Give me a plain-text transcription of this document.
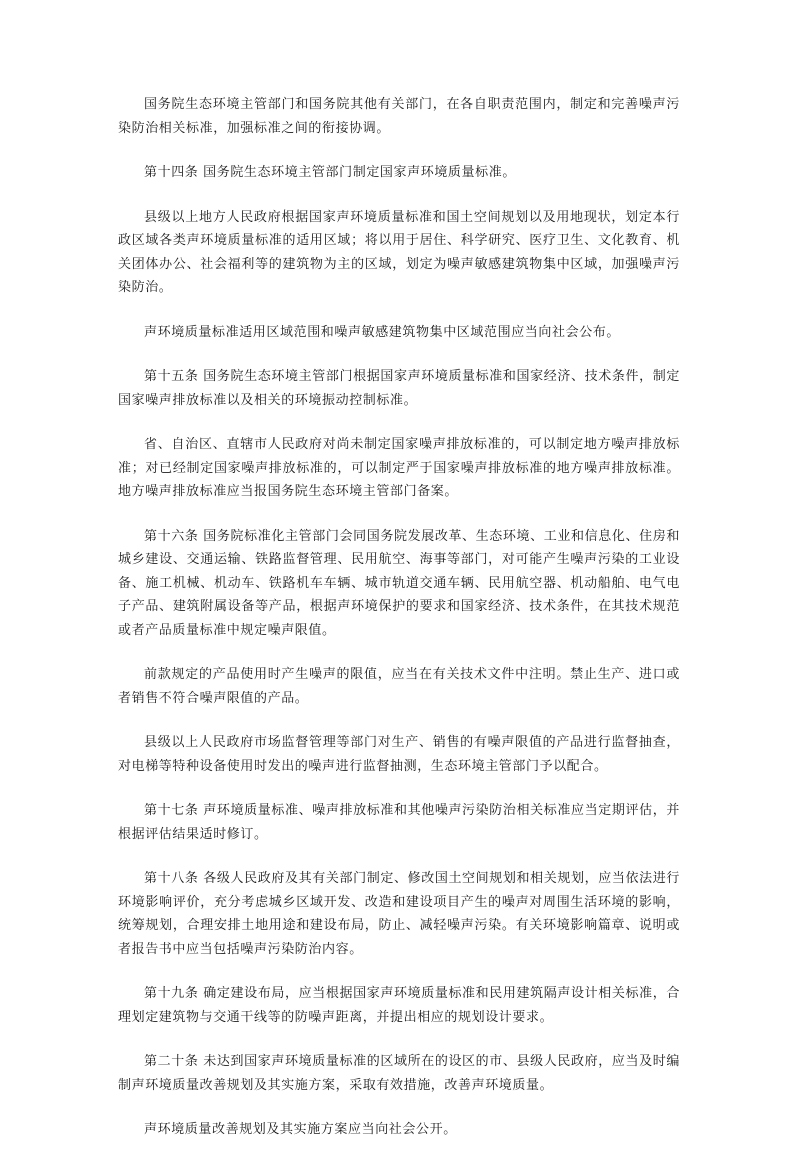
国务院生态环境主管部门和国务院其他有关部门，在各自职责范围内，制定和完善噪声污染防治相关标准，加强标准之间的衔接协调。

第十四条 国务院生态环境主管部门制定国家声环境质量标准。

县级以上地方人民政府根据国家声环境质量标准和国土空间规划以及用地现状，划定本行政区域各类声环境质量标准的适用区域；将以用于居住、科学研究、医疗卫生、文化教育、机关团体办公、社会福利等的建筑物为主的区域，划定为噪声敏感建筑物集中区域，加强噪声污染防治。

声环境质量标准适用区域范围和噪声敏感建筑物集中区域范围应当向社会公布。

第十五条 国务院生态环境主管部门根据国家声环境质量标准和国家经济、技术条件，制定国家噪声排放标准以及相关的环境振动控制标准。

省、自治区、直辖市人民政府对尚未制定国家噪声排放标准的，可以制定地方噪声排放标准；对已经制定国家噪声排放标准的，可以制定严于国家噪声排放标准的地方噪声排放标准。地方噪声排放标准应当报国务院生态环境主管部门备案。

第十六条 国务院标准化主管部门会同国务院发展改革、生态环境、工业和信息化、住房和城乡建设、交通运输、铁路监督管理、民用航空、海事等部门，对可能产生噪声污染的工业设备、施工机械、机动车、铁路机车车辆、城市轨道交通车辆、民用航空器、机动船舶、电气电子产品、建筑附属设备等产品，根据声环境保护的要求和国家经济、技术条件，在其技术规范或者产品质量标准中规定噪声限值。

前款规定的产品使用时产生噪声的限值，应当在有关技术文件中注明。禁止生产、进口或者销售不符合噪声限值的产品。

县级以上人民政府市场监督管理等部门对生产、销售的有噪声限值的产品进行监督抽查，对电梯等特种设备使用时发出的噪声进行监督抽测，生态环境主管部门予以配合。

第十七条 声环境质量标准、噪声排放标准和其他噪声污染防治相关标准应当定期评估，并根据评估结果适时修订。

第十八条 各级人民政府及其有关部门制定、修改国土空间规划和相关规划，应当依法进行环境影响评价，充分考虑城乡区域开发、改造和建设项目产生的噪声对周围生活环境的影响，统筹规划，合理安排土地用途和建设布局，防止、减轻噪声污染。有关环境影响篇章、说明或者报告书中应当包括噪声污染防治内容。

第十九条 确定建设布局，应当根据国家声环境质量标准和民用建筑隔声设计相关标准，合理划定建筑物与交通干线等的防噪声距离，并提出相应的规划设计要求。

第二十条 未达到国家声环境质量标准的区域所在的设区的市、县级人民政府，应当及时编制声环境质量改善规划及其实施方案，采取有效措施，改善声环境质量。

声环境质量改善规划及其实施方案应当向社会公开。
